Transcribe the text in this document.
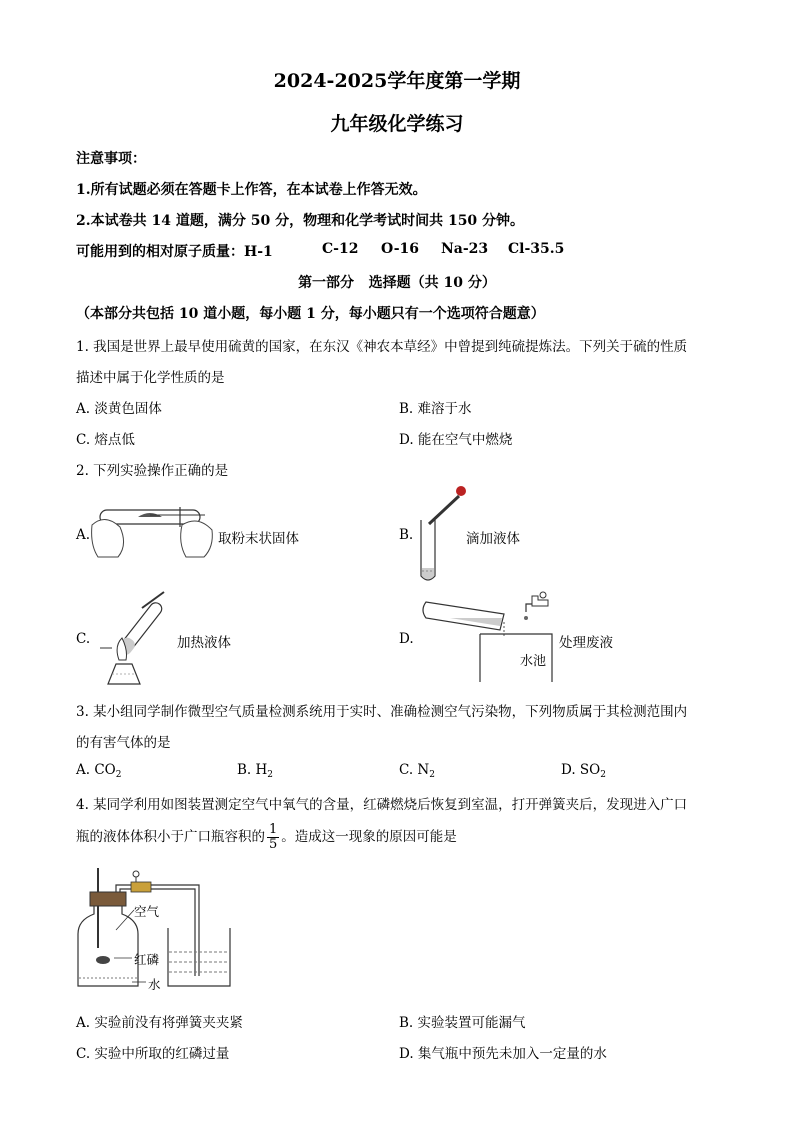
2024-2025学年度第一学期
九年级化学练习
注意事项：
1.所有试题必须在答题卡上作答，在本试卷上作答无效。
2.本试卷共 14 道题，满分 50 分，物理和化学考试时间共 150 分钟。
可能用到的相对原子质量：H-1	C-12 O-16 Na-23 Cl-35.5
第一部分   选择题（共 10 分）
（本部分共包括 10 道小题，每小题 1 分，每小题只有一个选项符合题意）
1. 我国是世界上最早使用硫黄的国家，在东汉《神农本草经》中曾提到纯硫提炼法。下列关于硫的性质
描述中属于化学性质的是
A. 淡黄色固体	B. 难溶于水
C. 熔点低	D. 能在空气中燃烧
2. 下列实验操作正确的是
A.	取粉末状固体	B.	滴加液体
C.	加热液体	D.
水池
处理废液
3. 某小组同学制作微型空气质量检测系统用于实时、准确检测空气污染物，下列物质属于其检测范围内
的有害气体的是
A. $CO_2$	B. $H_2$	C. $N_2$	D. $SO_2$
4. 某同学利用如图装置测定空气中氧气的含量，红磷燃烧后恢复到室温，打开弹簧夹后，发现进入广口
瓶的液体体积小于广口瓶容积的 $\frac{1}{5}$ 。造成这一现象的原因可能是
空气
红磷
水
A. 实验前没有将弹簧夹夹紧	B. 实验装置可能漏气
C. 实验中所取的红磷过量	D. 集气瓶中预先未加入一定量的水
